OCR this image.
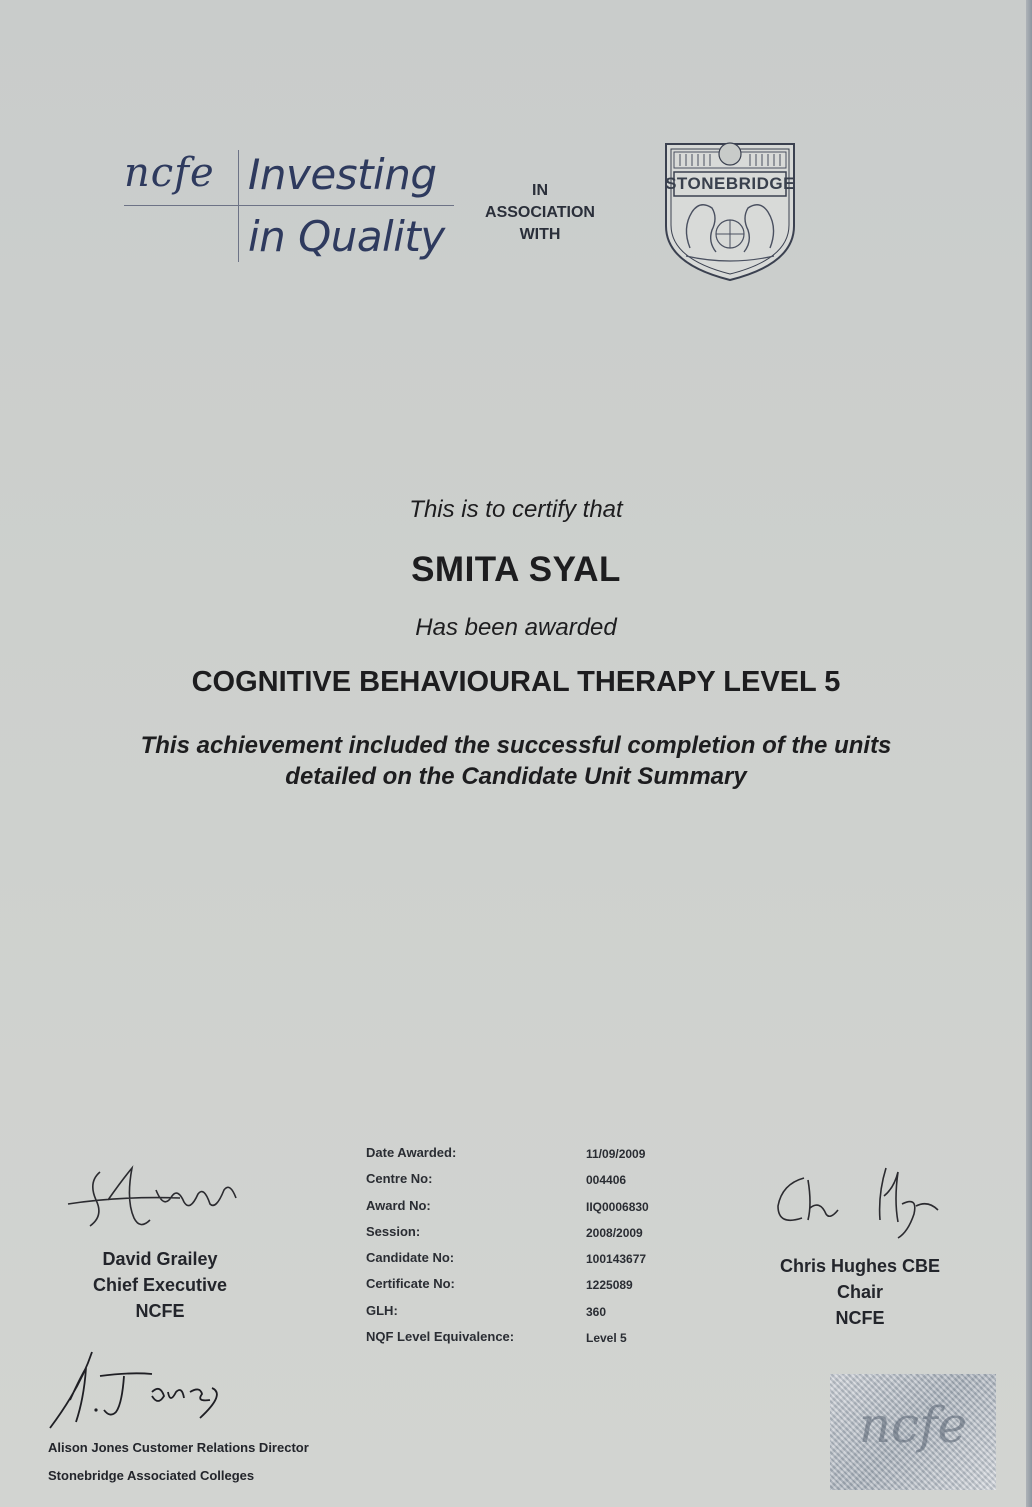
ncfe Investing
in Quality
IN
ASSOCIATION
WITH
STONEBRIDGE
This is to certify that
SMITA SYAL
Has been awarded
COGNITIVE BEHAVIOURAL THERAPY LEVEL 5
This achievement included the successful completion of the units
detailed on the Candidate Unit Summary
David Grailey
Chief Executive
NCFE
Date Awarded:	11/09/2009
Centre No:	004406
Award No:	IIQ0006830
Session:	2008/2009
Candidate No:	100143677
Certificate No:	1225089
GLH:	360
NQF Level Equivalence:	Level 5
Chris Hughes CBE
Chair
NCFE
Alison Jones Customer Relations Director
Stonebridge Associated Colleges
ncfe
